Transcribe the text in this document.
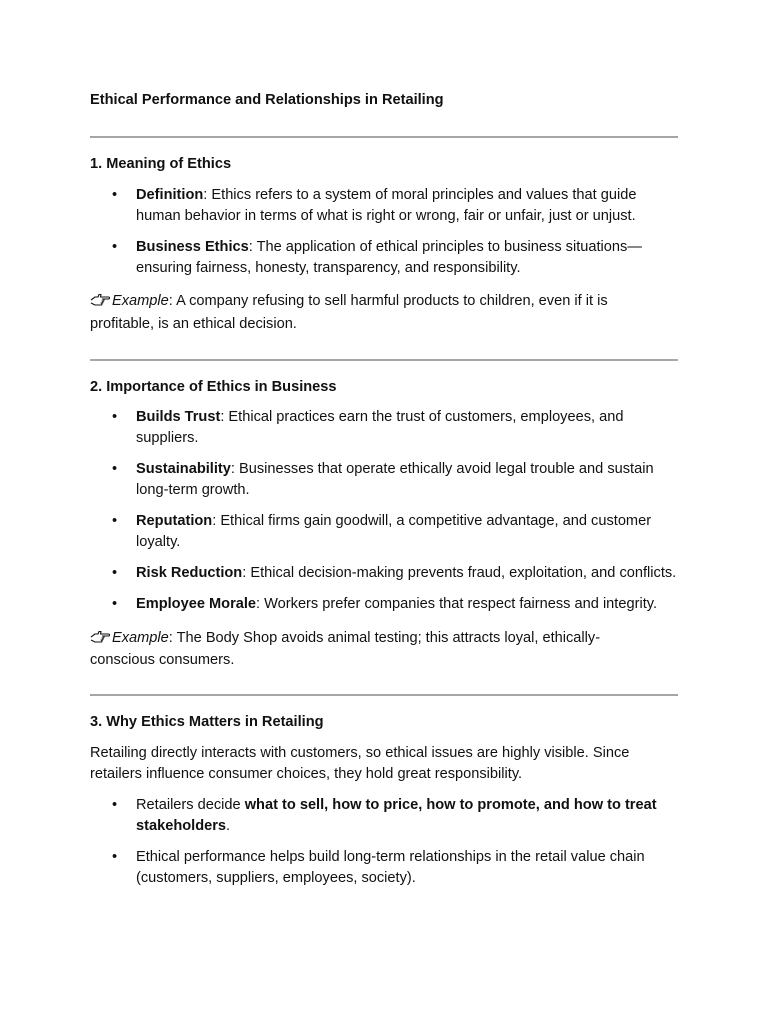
Ethical Performance and Relationships in Retailing
1. Meaning of Ethics
• Definition: Ethics refers to a system of moral principles and values that guide human behavior in terms of what is right or wrong, fair or unfair, just or unjust.
• Business Ethics: The application of ethical principles to business situations—ensuring fairness, honesty, transparency, and responsibility.

Example: A company refusing to sell harmful products to children, even if it is profitable, is an ethical decision.

2. Importance of Ethics in Business
• Builds Trust: Ethical practices earn the trust of customers, employees, and suppliers.
• Sustainability: Businesses that operate ethically avoid legal trouble and sustain long-term growth.
• Reputation: Ethical firms gain goodwill, a competitive advantage, and customer loyalty.
• Risk Reduction: Ethical decision-making prevents fraud, exploitation, and conflicts.
• Employee Morale: Workers prefer companies that respect fairness and integrity.

Example: The Body Shop avoids animal testing; this attracts loyal, ethically-conscious consumers.

3. Why Ethics Matters in Retailing

Retailing directly interacts with customers, so ethical issues are highly visible. Since retailers influence consumer choices, they hold great responsibility.

• Retailers decide what to sell, how to price, how to promote, and how to treat stakeholders.
• Ethical performance helps build long-term relationships in the retail value chain (customers, suppliers, employees, society).
